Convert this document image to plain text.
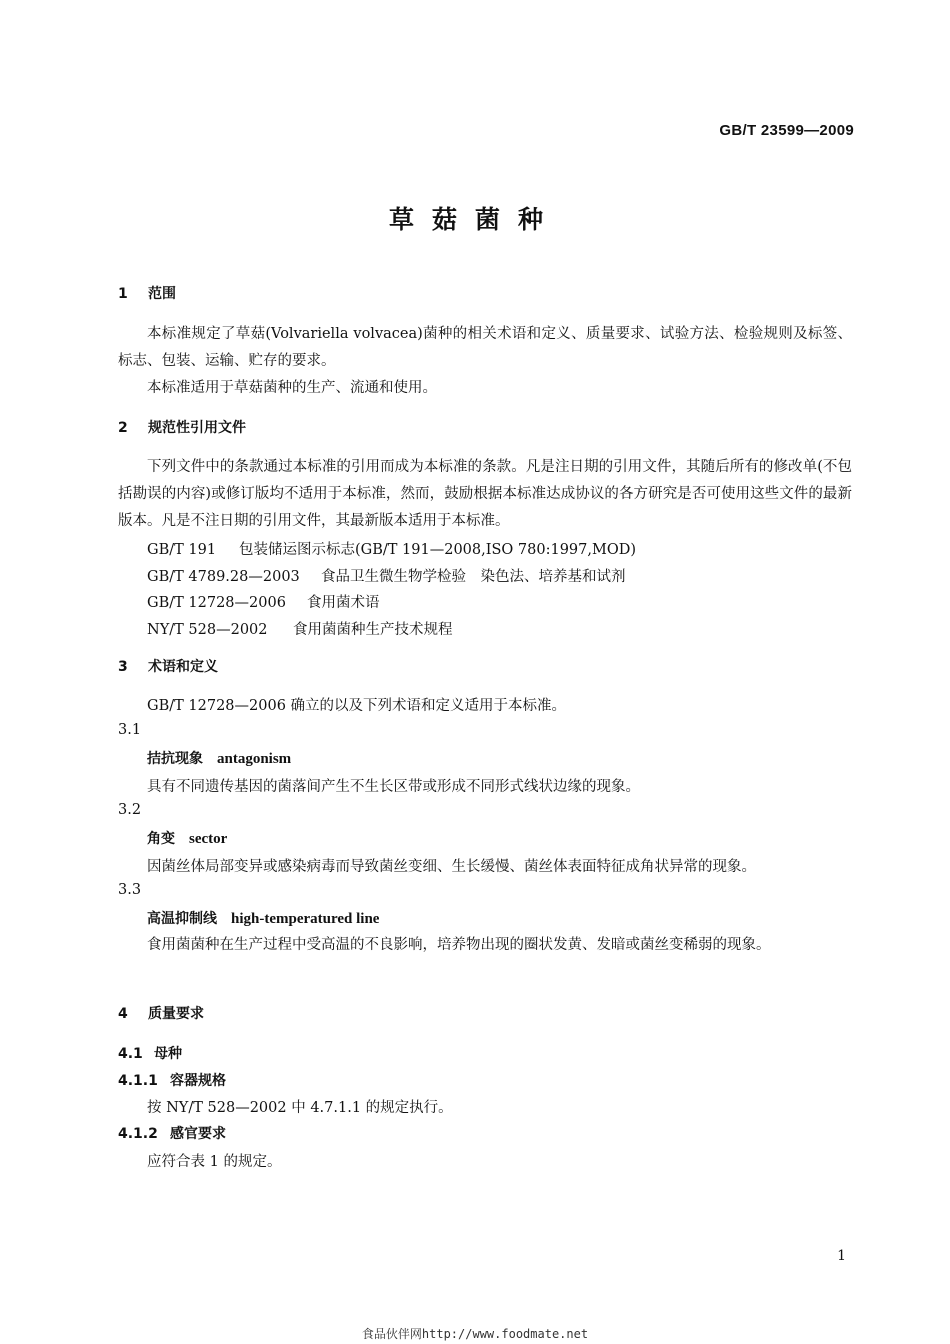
GB/T 23599—2009
草菇菌种
1 范围

本标准规定了草菇(Volvariella volvacea)菌种的相关术语和定义、质量要求、试验方法、检验规则及标签、标志、包装、运输、贮存的要求。

本标准适用于草菇菌种的生产、流通和使用。

2 规范性引用文件

下列文件中的条款通过本标准的引用而成为本标准的条款。凡是注日期的引用文件，其随后所有的修改单(不包括勘误的内容)或修订版均不适用于本标准，然而，鼓励根据本标准达成协议的各方研究是否可使用这些文件的最新版本。凡是不注日期的引用文件，其最新版本适用于本标准。

GB/T 191 包装储运图示标志(GB/T 191—2008,ISO 780:1997,MOD)
GB/T 4789.28—2003 食品卫生微生物学检验　染色法、培养基和试剂
GB/T 12728—2006 食用菌术语
NY/T 528—2002 食用菌菌种生产技术规程
3 术语和定义
GB/T 12728—2006 确立的以及下列术语和定义适用于本标准。
3.1
拮抗现象 antagonism
具有不同遗传基因的菌落间产生不生长区带或形成不同形式线状边缘的现象。
3.2
角变 sector
因菌丝体局部变异或感染病毒而导致菌丝变细、生长缓慢、菌丝体表面特征成角状异常的现象。
3.3
高温抑制线 high-temperatured line

食用菌菌种在生产过程中受高温的不良影响，培养物出现的圈状发黄、发暗或菌丝变稀弱的现象。

4 质量要求
4.1 母种
4.1.1 容器规格
按 NY/T 528—2002 中 4.7.1.1 的规定执行。
4.1.2 感官要求
应符合表 1 的规定。
1
食品伙伴网http://www.foodmate.net
